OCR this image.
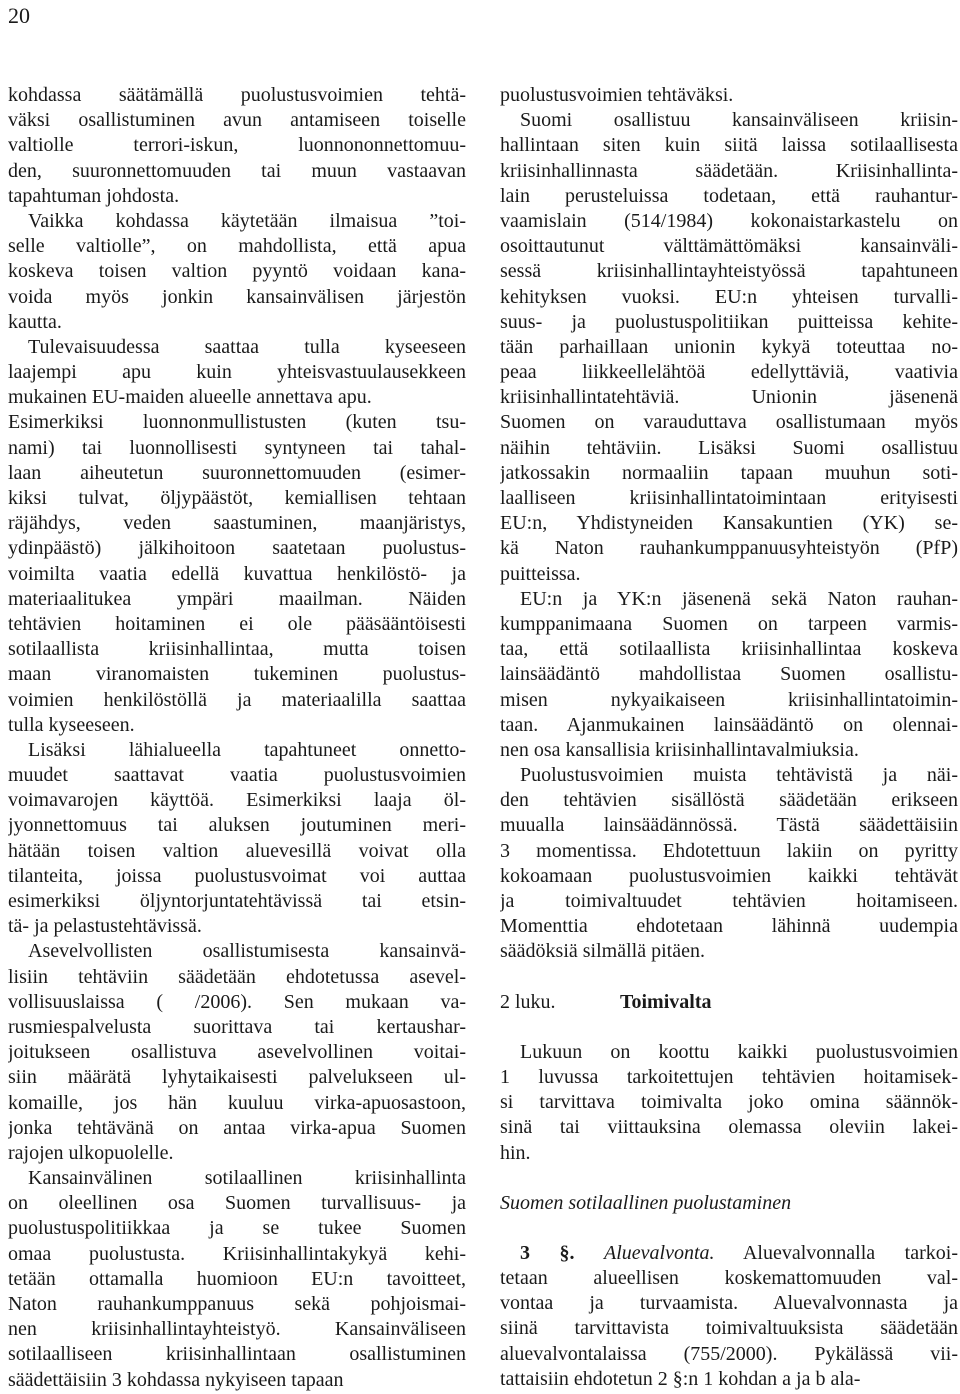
20
kohdassa säätämällä puolustusvoimien tehtä-
väksi osallistuminen avun antamiseen toiselle
valtiolle terrori-iskun, luonnononnettomuu-
den, suuronnettomuuden tai muun vastaavan
tapahtuman johdosta.
Vaikka kohdassa käytetään ilmaisua ”toi-
selle valtiolle”, on mahdollista, että apua
koskeva toisen valtion pyyntö voidaan kana-
voida myös jonkin kansainvälisen järjestön
kautta.
Tulevaisuudessa saattaa tulla kyseeseen
laajempi apu kuin yhteisvastuulausekkeen
mukainen EU-maiden alueelle annettava apu.
Esimerkiksi luonnonmullistusten (kuten tsu-
nami) tai luonnollisesti syntyneen tai tahal-
laan aiheutetun suuronnettomuuden (esimer-
kiksi tulvat, öljypäästöt, kemiallisen tehtaan
räjähdys, veden saastuminen, maanjäristys,
ydinpäästö) jälkihoitoon saatetaan puolustus-
voimilta vaatia edellä kuvattua henkilöstö- ja
materiaalitukea ympäri maailman. Näiden
tehtävien hoitaminen ei ole pääsääntöisesti
sotilaallista kriisinhallintaa, mutta toisen
maan viranomaisten tukeminen puolustus-
voimien henkilöstöllä ja materiaalilla saattaa
tulla kyseeseen.
Lisäksi lähialueella tapahtuneet onnetto-
muudet saattavat vaatia puolustusvoimien
voimavarojen käyttöä. Esimerkiksi laaja öl-
jyonnettomuus tai aluksen joutuminen meri-
hätään toisen valtion aluevesillä voivat olla
tilanteita, joissa puolustusvoimat voi auttaa
esimerkiksi öljyntorjuntatehtävissä tai etsin-
tä- ja pelastustehtävissä.
Asevelvollisten osallistumisesta kansainvä-
lisiin tehtäviin säädetään ehdotetussa asevel-
vollisuuslaissa ( /2006). Sen mukaan va-
rusmiespalvelusta suorittava tai kertaushar-
joitukseen osallistuva asevelvollinen voitai-
siin määrätä lyhytaikaisesti palvelukseen ul-
komaille, jos hän kuuluu virka-apuosastoon,
jonka tehtävänä on antaa virka-apua Suomen
rajojen ulkopuolelle.
Kansainvälinen sotilaallinen kriisinhallinta
on oleellinen osa Suomen turvallisuus- ja
puolustuspolitiikkaa ja se tukee Suomen
omaa puolustusta. Kriisinhallintakykyä kehi-
tetään ottamalla huomioon EU:n tavoitteet,
Naton rauhankumppanuus sekä pohjoismai-
nen kriisinhallintayhteistyö. Kansainväliseen
sotilaalliseen kriisinhallintaan osallistuminen
säädettäisiin 3 kohdassa nykyiseen tapaan
puolustusvoimien tehtäväksi.
Suomi osallistuu kansainväliseen kriisin-
hallintaan siten kuin siitä laissa sotilaallisesta
kriisinhallinnasta säädetään. Kriisinhallinta-
lain perusteluissa todetaan, että rauhantur-
vaamislain (514/1984) kokonaistarkastelu on
osoittautunut välttämättömäksi kansainväli-
sessä kriisinhallintayhteistyössä tapahtuneen
kehityksen vuoksi. EU:n yhteisen turvalli-
suus- ja puolustuspolitiikan puitteissa kehite-
tään parhaillaan unionin kykyä toteuttaa no-
peaa liikkeellelähtöä edellyttäviä, vaativia
kriisinhallintatehtäviä. Unionin jäsenenä
Suomen on varauduttava osallistumaan myös
näihin tehtäviin. Lisäksi Suomi osallistuu
jatkossakin normaaliin tapaan muuhun soti-
laalliseen kriisinhallintatoimintaan erityisesti
EU:n, Yhdistyneiden Kansakuntien (YK) se-
kä Naton rauhankumppanuusyhteistyön (PfP)
puitteissa.
EU:n ja YK:n jäsenenä sekä Naton rauhan-
kumppanimaana Suomen on tarpeen varmis-
taa, että sotilaallista kriisinhallintaa koskeva
lainsäädäntö mahdollistaa Suomen osallistu-
misen nykyaikaiseen kriisinhallintatoimin-
taan. Ajanmukainen lainsäädäntö on olennai-
nen osa kansallisia kriisinhallintavalmiuksia.
Puolustusvoimien muista tehtävistä ja näi-
den tehtävien sisällöstä säädetään erikseen
muualla lainsäädännössä. Tästä säädettäisiin
3 momentissa. Ehdotettuun lakiin on pyritty
kokoamaan puolustusvoimien kaikki tehtävät
ja toimivaltuudet tehtävien hoitamiseen.
Momenttia ehdotetaan lähinnä uudempia
säädöksiä silmällä pitäen.
2 luku.	Toimivalta
Lukuun on koottu kaikki puolustusvoimien
1 luvussa tarkoitettujen tehtävien hoitamisek-
si tarvittava toimivalta joko omina säännök-
sinä tai viittauksina olemassa oleviin lakei-
hin.
Suomen sotilaallinen puolustaminen
3 §. Aluevalvonta. Aluevalvonnalla tarkoi-
tetaan alueellisen koskemattomuuden val-
vontaa ja turvaamista. Aluevalvonnasta ja
siinä tarvittavista toimivaltuuksista säädetään
aluevalvontalaissa (755/2000). Pykälässä vii-
tattaisiin ehdotetun 2 §:n 1 kohdan a ja b ala-
